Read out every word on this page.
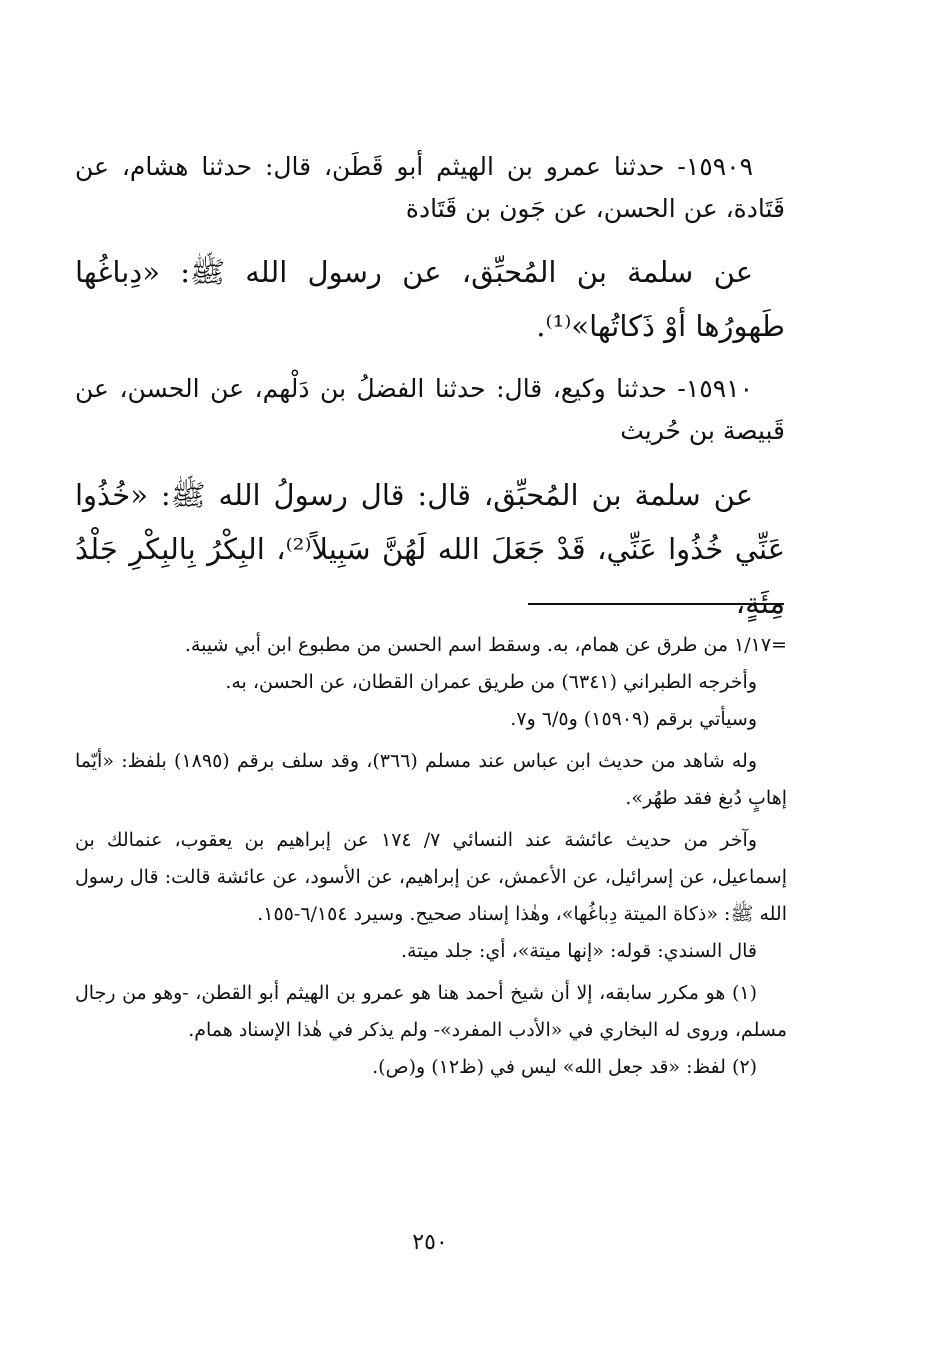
١٥٩٠٩- حدثنا عمرو بن الهيثم أبو قَطَن، قال: حدثنا هشام، عن قَتَادة، عن الحسن، عن جَون بن قَتَادة
عن سلمة بن المُحبِّق، عن رسول الله ﷺ: «دِباغُها طَهورُها أوْ ذَكاتُها»⁽¹⁾.
١٥٩١٠- حدثنا وكيع، قال: حدثنا الفضلُ بن دَلْهم، عن الحسن، عن قَبيصة بن حُريث
عن سلمة بن المُحبِّق، قال: قال رسولُ الله ﷺ: «خُذُوا عَنِّي خُذُوا عَنِّي، قَدْ جَعَلَ الله لَهُنَّ سَبِيلاً⁽²⁾، البِكْرُ بِالبِكْرِ جَلْدُ مِئَةٍ،

=١/١٧ من طرق عن همام، به. وسقط اسم الحسن من مطبوع ابن أبي شيبة.

وأخرجه الطبراني (٦٣٤١) من طريق عمران القطان، عن الحسن، به.

وسيأتي برقم (١٥٩٠٩) و٦/٥ و٧.

وله شاهد من حديث ابن عباس عند مسلم (٣٦٦)، وقد سلف برقم (١٨٩٥) بلفظ: «أيّما إهابٍ دُبغ فقد طهُر».

وآخر من حديث عائشة عند النسائي ٧/ ١٧٤ عن إبراهيم بن يعقوب، عنمالك بن إسماعيل، عن إسرائيل، عن الأعمش، عن إبراهيم، عن الأسود، عن عائشة قالت: قال رسول الله ﷺ: «ذكاة الميتة دِباغُها»، وهٰذا إسناد صحيح. وسيرد ٦/١٥٤-١٥٥.

قال السندي: قوله: «إنها ميتة»، أي: جلد ميتة.

(١) هو مكرر سابقه، إلا أن شيخ أحمد هنا هو عمرو بن الهيثم أبو القطن، -وهو من رجال مسلم، وروى له البخاري في «الأدب المفرد»- ولم يذكر في هٰذا الإسناد همام.

(٢) لفظ: «قد جعل الله» ليس في (ظ١٢) و(ص).

٢٥٠
